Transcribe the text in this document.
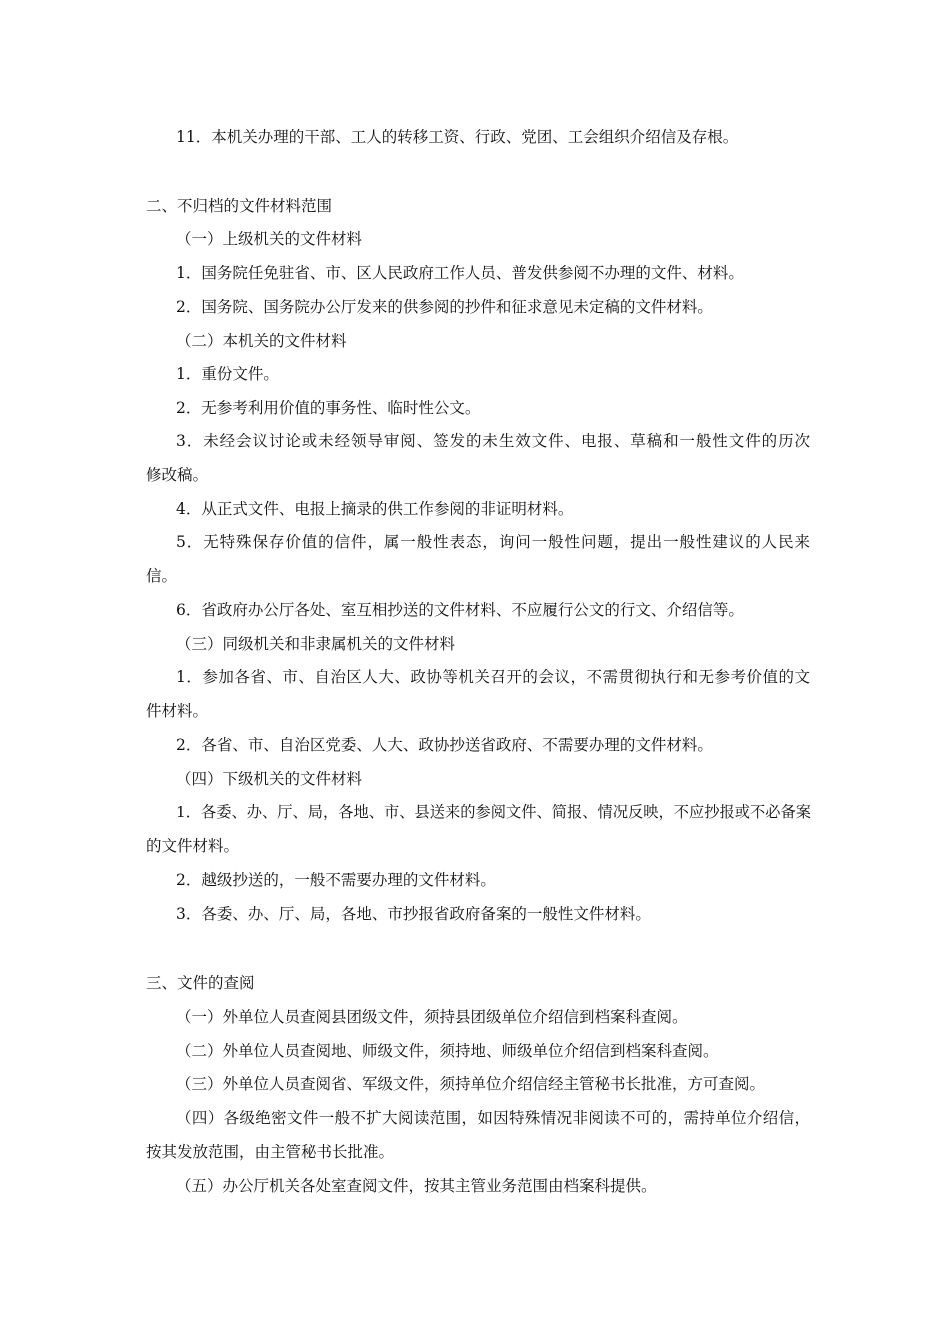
11．本机关办理的干部、工人的转移工资、行政、党团、工会组织介绍信及存根。
二、不归档的文件材料范围
（一）上级机关的文件材料
1．国务院任免驻省、市、区人民政府工作人员、普发供参阅不办理的文件、材料。
2．国务院、国务院办公厅发来的供参阅的抄件和征求意见未定稿的文件材料。
（二）本机关的文件材料
1．重份文件。
2．无参考利用价值的事务性、临时性公文。
3．未经会议讨论或未经领导审阅、签发的未生效文件、电报、草稿和一般性文件的历次
修改稿。
4．从正式文件、电报上摘录的供工作参阅的非证明材料。
5．无特殊保存价值的信件，属一般性表态，询问一般性问题，提出一般性建议的人民来
信。
6．省政府办公厅各处、室互相抄送的文件材料、不应履行公文的行文、介绍信等。
（三）同级机关和非隶属机关的文件材料
1．参加各省、市、自治区人大、政协等机关召开的会议，不需贯彻执行和无参考价值的文
件材料。
2．各省、市、自治区党委、人大、政协抄送省政府、不需要办理的文件材料。
（四）下级机关的文件材料
1．各委、办、厅、局，各地、市、县送来的参阅文件、简报、情况反映，不应抄报或不必备案
的文件材料。
2．越级抄送的，一般不需要办理的文件材料。
3．各委、办、厅、局，各地、市抄报省政府备案的一般性文件材料。
三、文件的查阅
（一）外单位人员查阅县团级文件，须持县团级单位介绍信到档案科查阅。
（二）外单位人员查阅地、师级文件，须持地、师级单位介绍信到档案科查阅。
（三）外单位人员查阅省、军级文件，须持单位介绍信经主管秘书长批准，方可查阅。
（四）各级绝密文件一般不扩大阅读范围，如因特殊情况非阅读不可的，需持单位介绍信，
按其发放范围，由主管秘书长批准。
（五）办公厅机关各处室查阅文件，按其主管业务范围由档案科提供。
